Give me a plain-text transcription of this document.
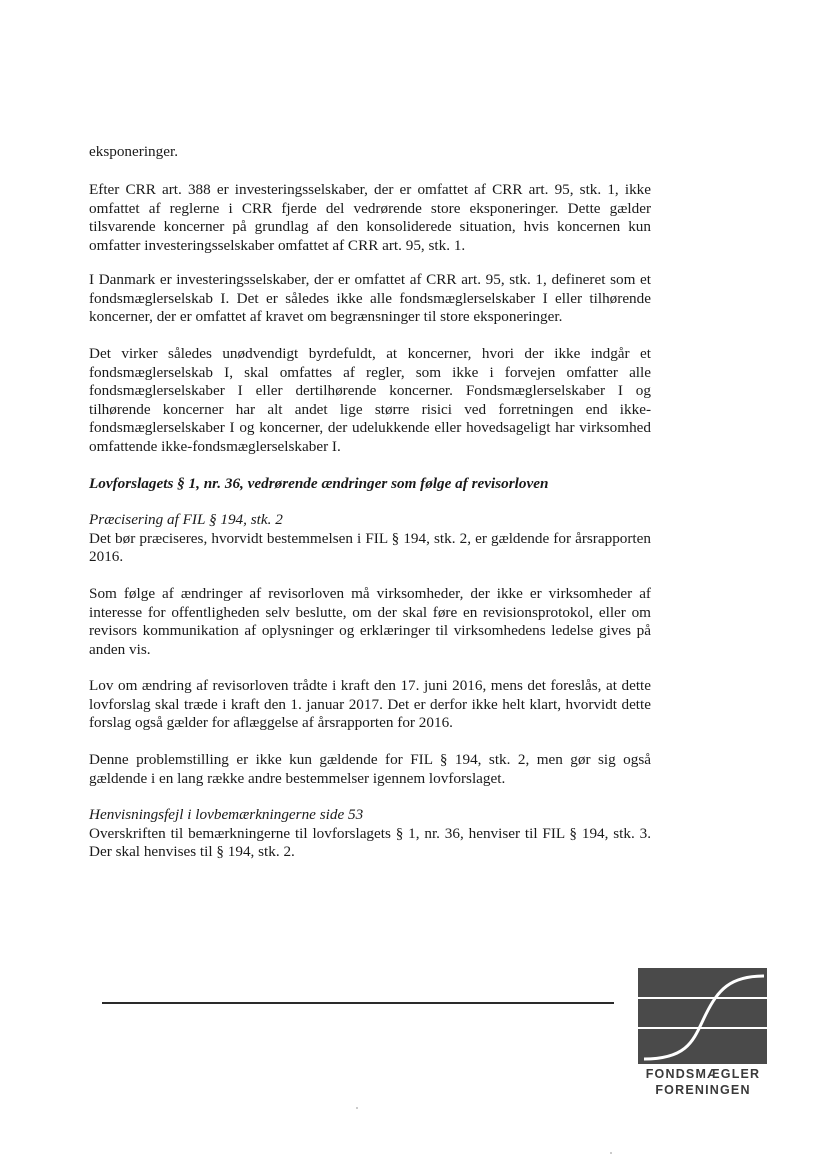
eksponeringer.

Efter CRR art. 388 er investeringsselskaber, der er omfattet af CRR art. 95, stk. 1, ikke omfattet af reglerne i CRR fjerde del vedrørende store eksponeringer. Dette gælder tilsvarende koncerner på grundlag af den konsoliderede situation, hvis koncernen kun omfatter investeringsselskaber omfattet af CRR art. 95, stk. 1.

I Danmark er investeringsselskaber, der er omfattet af CRR art. 95, stk. 1, defineret som et fondsmæglerselskab I. Det er således ikke alle fondsmæglerselskaber I eller tilhørende koncerner, der er omfattet af kravet om begrænsninger til store eksponeringer.

Det virker således unødvendigt byrdefuldt, at koncerner, hvori der ikke indgår et fondsmæglerselskab I, skal omfattes af regler, som ikke i forvejen omfatter alle fondsmæglerselskaber I eller dertilhørende koncerner. Fondsmæglerselskaber I og tilhørende koncerner har alt andet lige større risici ved forretningen end ikke-fondsmæglerselskaber I og koncerner, der udelukkende eller hovedsageligt har virksomhed omfattende ikke-fondsmæglerselskaber I.

Lovforslagets § 1, nr. 36, vedrørende ændringer som følge af revisorloven

Præcisering af FIL § 194, stk. 2

Det bør præciseres, hvorvidt bestemmelsen i FIL § 194, stk. 2, er gældende for årsrapporten 2016.

Som følge af ændringer af revisorloven må virksomheder, der ikke er virksomheder af interesse for offentligheden selv beslutte, om der skal føre en revisionsprotokol, eller om revisors kommunikation af oplysninger og erklæringer til virksomhedens ledelse gives på anden vis.

Lov om ændring af revisorloven trådte i kraft den 17. juni 2016, mens det foreslås, at dette lovforslag skal træde i kraft den 1. januar 2017. Det er derfor ikke helt klart, hvorvidt dette forslag også gælder for aflæggelse af årsrapporten for 2016.

Denne problemstilling er ikke kun gældende for FIL § 194, stk. 2, men gør sig også gældende i en lang række andre bestemmelser igennem lovforslaget.

Henvisningsfejl i lovbemærkningerne side 53

Overskriften til bemærkningerne til lovforslagets § 1, nr. 36, henviser til FIL § 194, stk. 3. Der skal henvises til § 194, stk. 2.

FONDSMÆGLER
FORENINGEN
